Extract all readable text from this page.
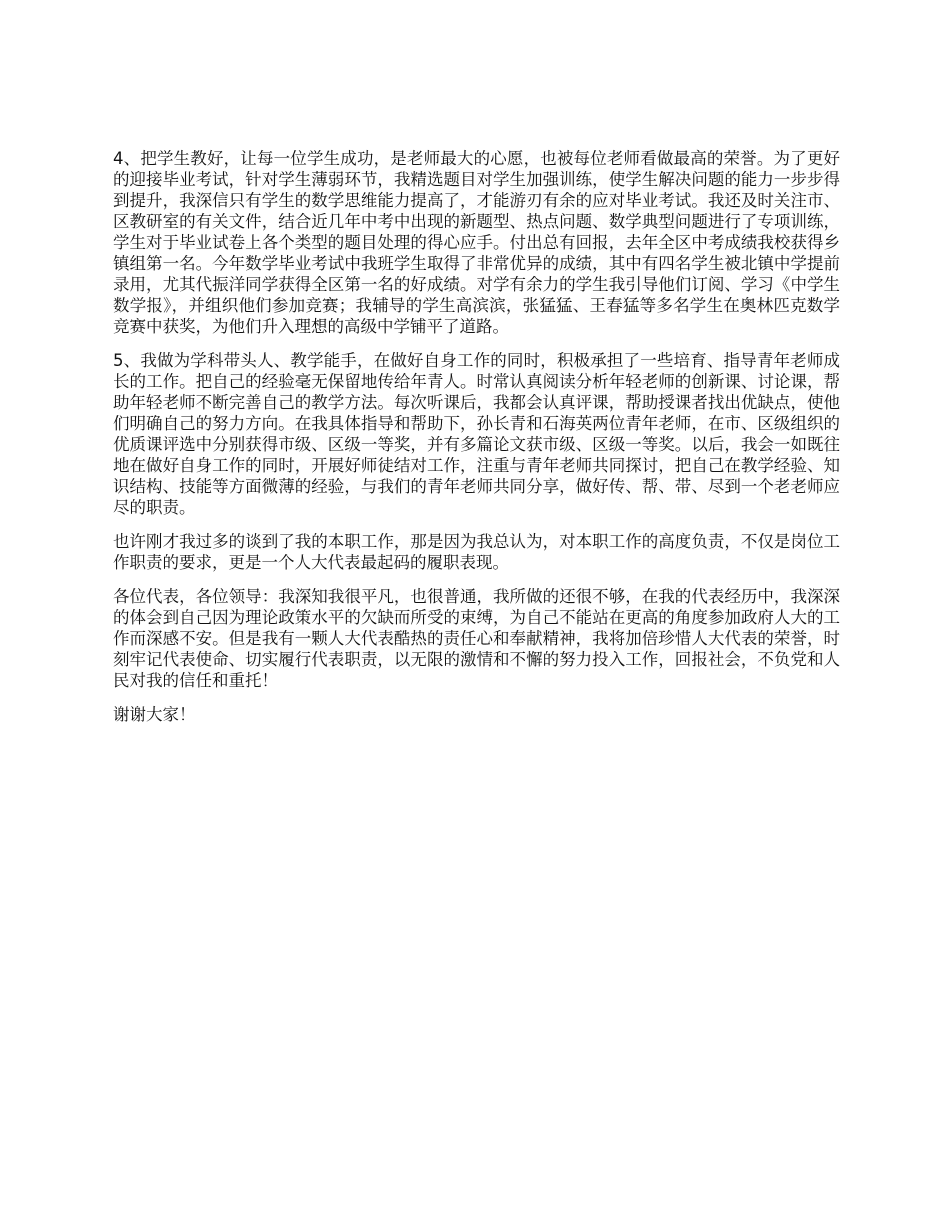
4、把学生教好，让每一位学生成功，是老师最大的心愿，也被每位老师看做最高的荣誉。为了更好的迎接毕业考试，针对学生薄弱环节，我精选题目对学生加强训练，使学生解决问题的能力一步步得到提升，我深信只有学生的数学思维能力提高了，才能游刃有余的应对毕业考试。我还及时关注市、区教研室的有关文件，结合近几年中考中出现的新题型、热点问题、数学典型问题进行了专项训练，学生对于毕业试卷上各个类型的题目处理的得心应手。付出总有回报，去年全区中考成绩我校获得乡镇组第一名。今年数学毕业考试中我班学生取得了非常优异的成绩，其中有四名学生被北镇中学提前录用，尤其代振洋同学获得全区第一名的好成绩。对学有余力的学生我引导他们订阅、学习《中学生数学报》，并组织他们参加竞赛；我辅导的学生高滨滨，张猛猛、王春猛等多名学生在奥林匹克数学竞赛中获奖，为他们升入理想的高级中学铺平了道路。

5、我做为学科带头人、教学能手，在做好自身工作的同时，积极承担了一些培育、指导青年老师成长的工作。把自己的经验毫无保留地传给年青人。时常认真阅读分析年轻老师的创新课、讨论课，帮助年轻老师不断完善自己的教学方法。每次听课后，我都会认真评课，帮助授课者找出优缺点，使他们明确自己的努力方向。在我具体指导和帮助下，孙长青和石海英两位青年老师，在市、区级组织的优质课评选中分别获得市级、区级一等奖，并有多篇论文获市级、区级一等奖。以后，我会一如既往地在做好自身工作的同时，开展好师徒结对工作，注重与青年老师共同探讨，把自己在教学经验、知识结构、技能等方面微薄的经验，与我们的青年老师共同分享，做好传、帮、带、尽到一个老老师应尽的职责。

也许刚才我过多的谈到了我的本职工作，那是因为我总认为，对本职工作的高度负责，不仅是岗位工作职责的要求，更是一个人大代表最起码的履职表现。

各位代表，各位领导：我深知我很平凡，也很普通，我所做的还很不够，在我的代表经历中，我深深的体会到自己因为理论政策水平的欠缺而所受的束缚，为自己不能站在更高的角度参加政府人大的工作而深感不安。但是我有一颗人大代表酷热的责任心和奉献精神，我将加倍珍惜人大代表的荣誉，时刻牢记代表使命、切实履行代表职责，以无限的激情和不懈的努力投入工作，回报社会，不负党和人民对我的信任和重托！

谢谢大家！
